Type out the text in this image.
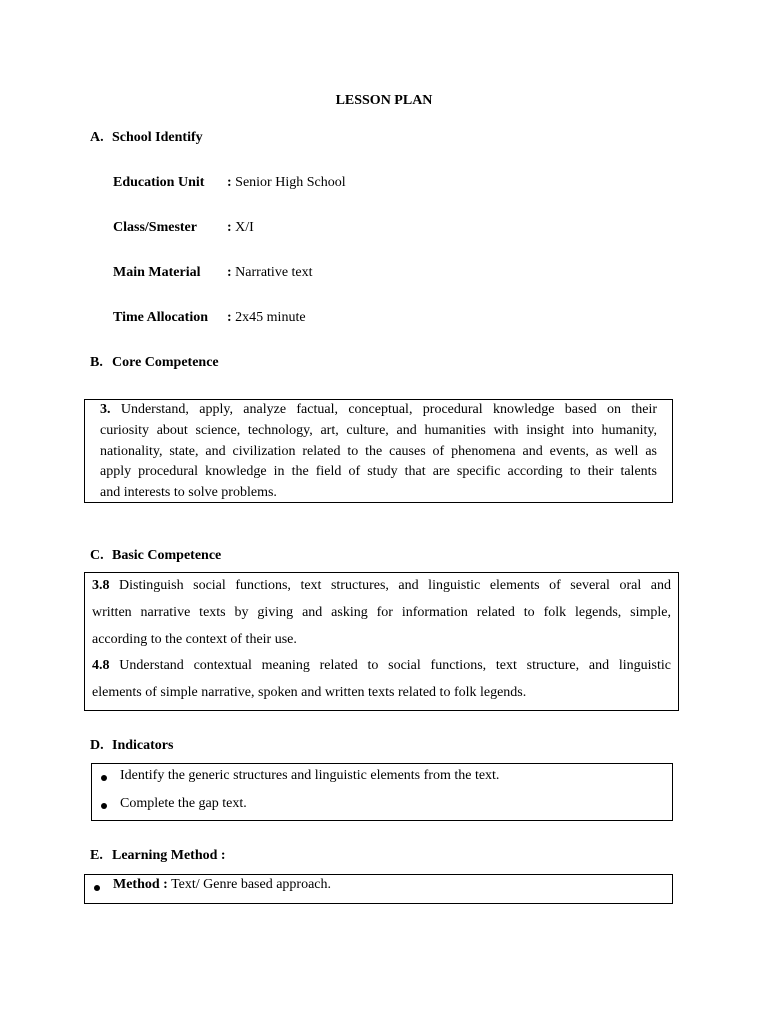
LESSON PLAN
A. School Identify
Education Unit : Senior High School
Class/Smester : X/I
Main Material : Narrative text
Time Allocation : 2x45 minute
B. Core Competence
3. Understand, apply, analyze factual, conceptual, procedural knowledge based on their
curiosity about science, technology, art, culture, and humanities with insight into humanity,
nationality, state, and civilization related to the causes of phenomena and events, as well as
apply procedural knowledge in the field of study that are specific according to their talents
and interests to solve problems.
C. Basic Competence
3.8 Distinguish social functions, text structures, and linguistic elements of several oral and
written narrative texts by giving and asking for information related to folk legends, simple,
according to the context of their use.
4.8 Understand contextual meaning related to social functions, text structure, and linguistic
elements of simple narrative, spoken and written texts related to folk legends.
D. Indicators
Identify the generic structures and linguistic elements from the text.
Complete the gap text.
E. Learning Method :
Method : Text/ Genre based approach.
